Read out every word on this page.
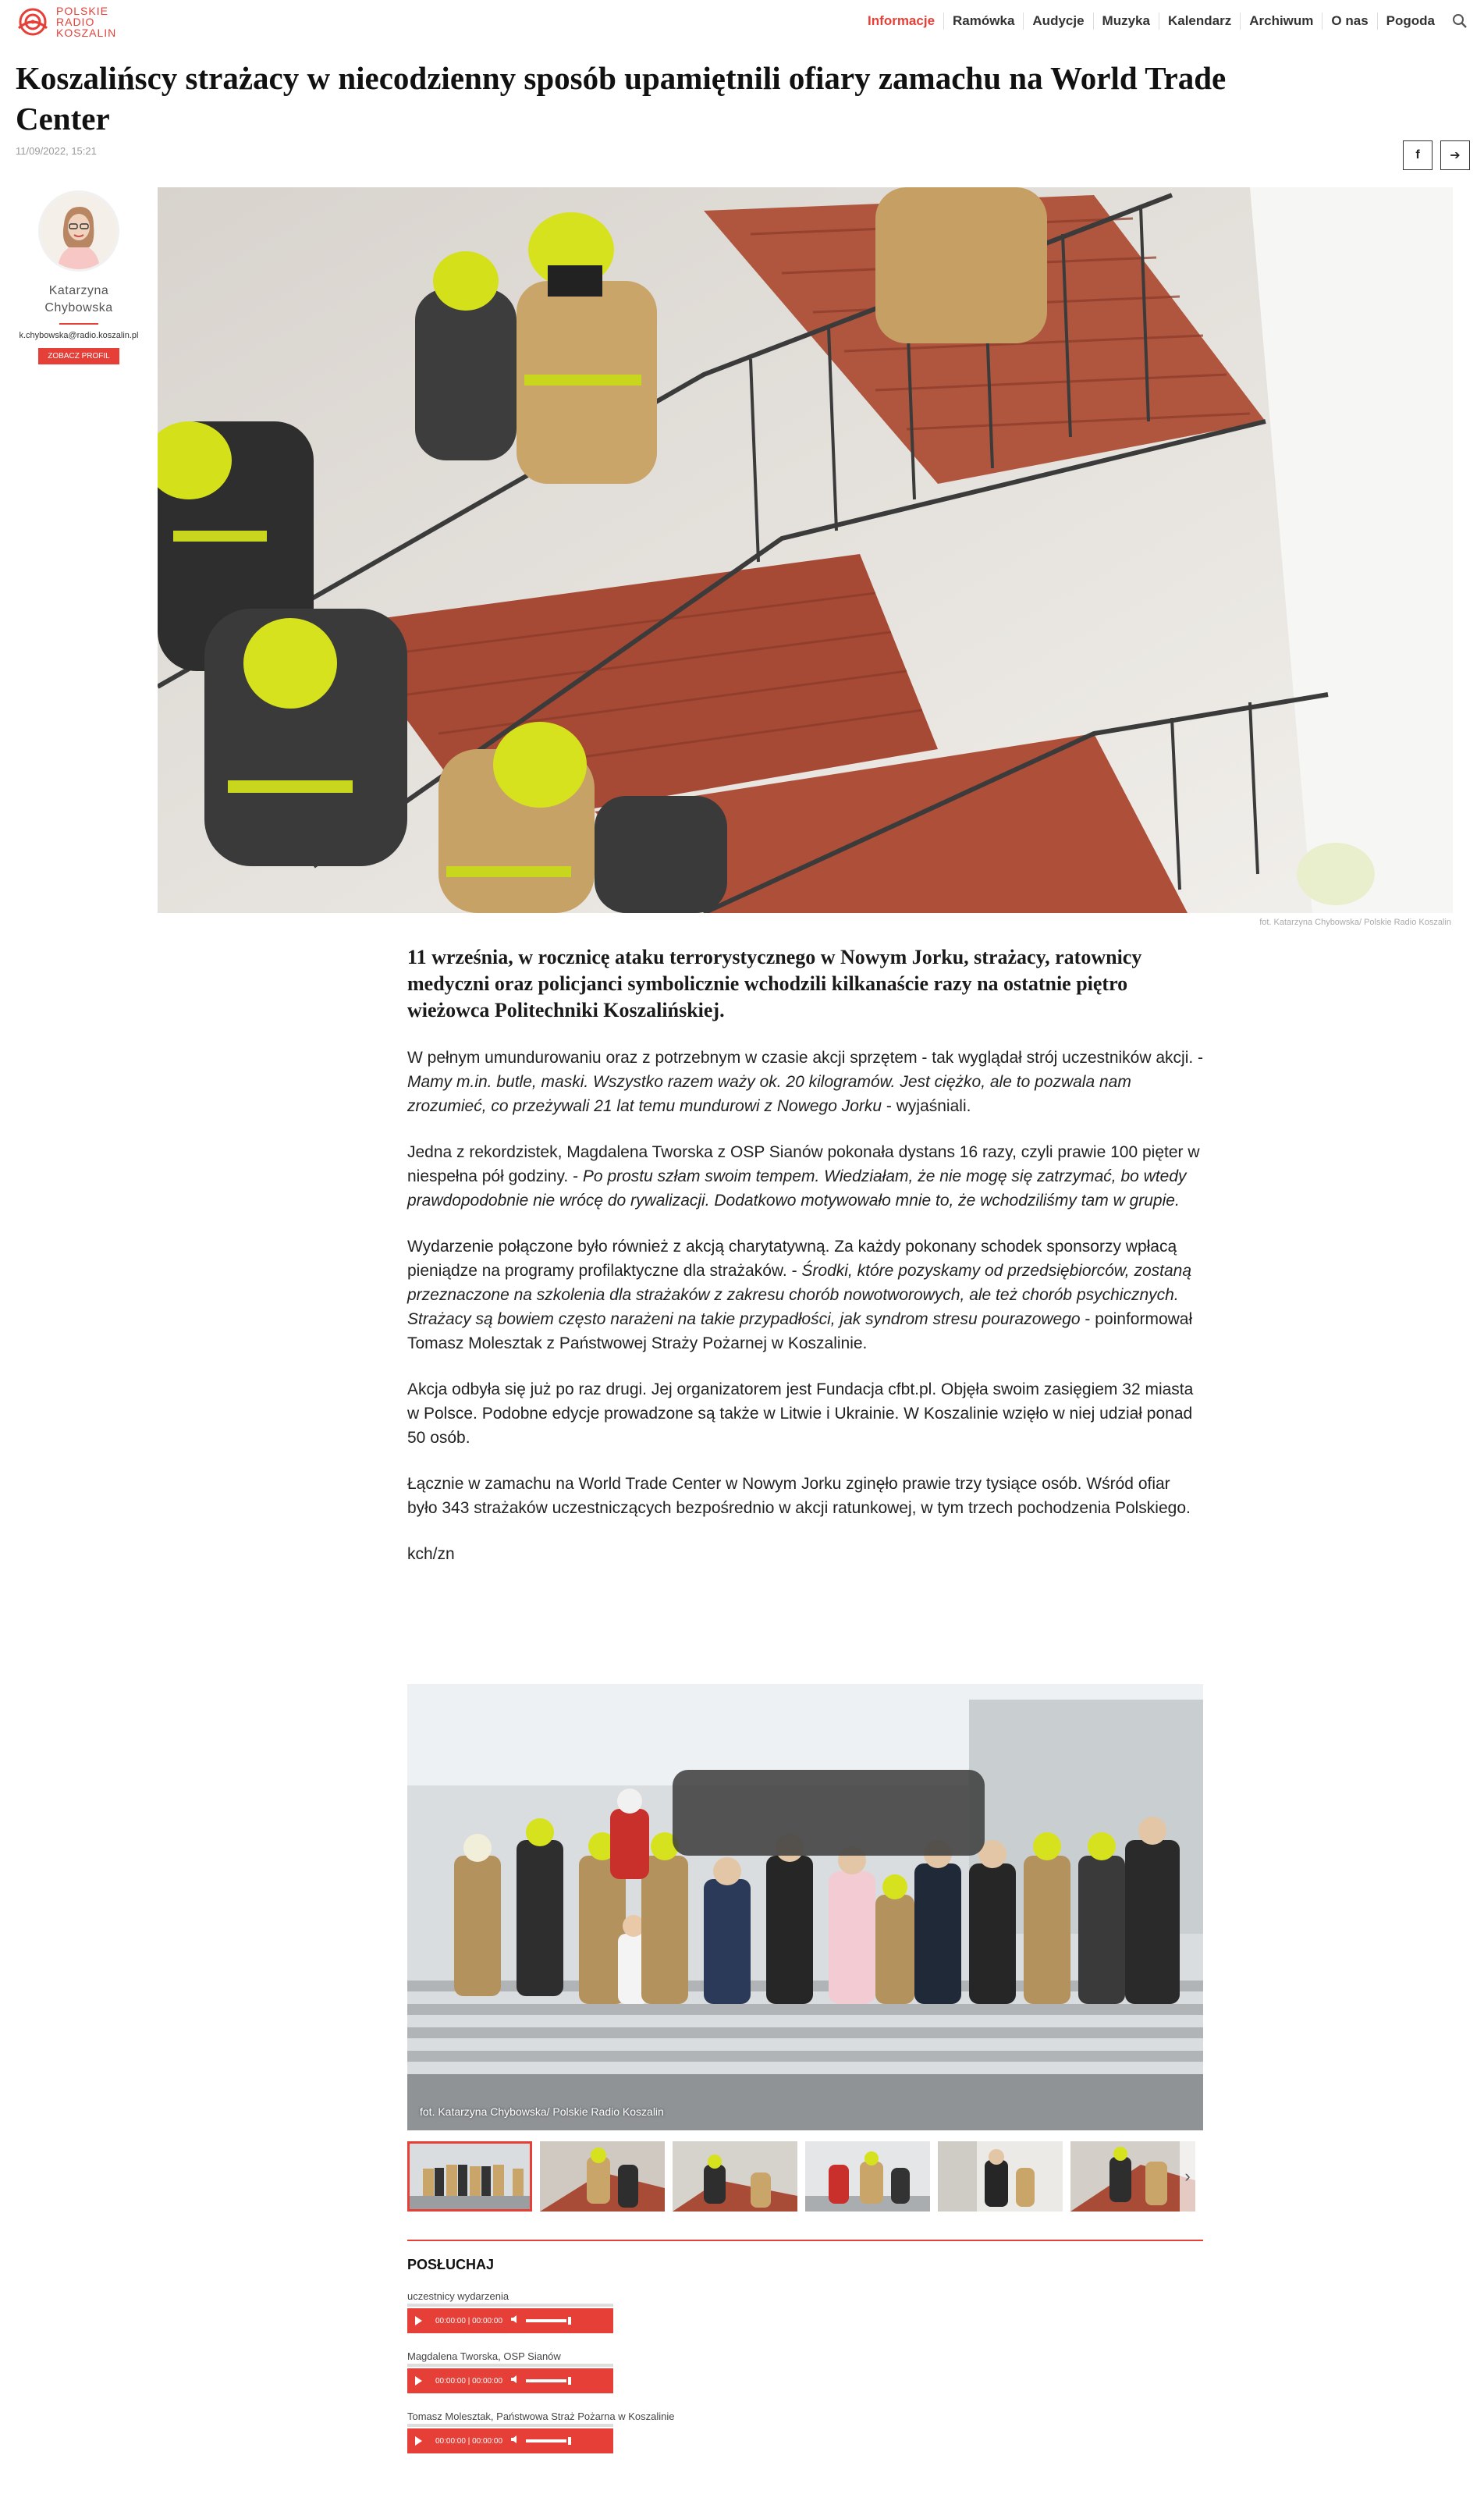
POLSKIE
RADIO
KOSZALIN
Informacje	Ramówka	Audycje	Muzyka	Kalendarz	Archiwum	O nas	Pogoda
Koszalińscy strażacy w niecodzienny sposób upamiętnili ofiary zamachu na World Trade Center
11/09/2022, 15:21	f	➔
Katarzyna
Chybowska
k.chybowska@radio.koszalin.pl
ZOBACZ PROFIL
fot. Katarzyna Chybowska/ Polskie Radio Koszalin

11 września, w rocznicę ataku terrorystycznego w Nowym Jorku, strażacy, ratownicy medyczni oraz policjanci symbolicznie wchodzili kilkanaście razy na ostatnie piętro wieżowca Politechniki Koszalińskiej.

W pełnym umundurowaniu oraz z potrzebnym w czasie akcji sprzętem - tak wyglądał strój uczestników akcji. - Mamy m.in. butle, maski. Wszystko razem waży ok. 20 kilogramów. Jest ciężko, ale to pozwala nam zrozumieć, co przeżywali 21 lat temu mundurowi z Nowego Jorku - wyjaśniali.

Jedna z rekordzistek, Magdalena Tworska z OSP Sianów pokonała dystans 16 razy, czyli prawie 100 pięter w niespełna pół godziny. - Po prostu szłam swoim tempem. Wiedziałam, że nie mogę się zatrzymać, bo wtedy prawdopodobnie nie wrócę do rywalizacji. Dodatkowo motywowało mnie to, że wchodziliśmy tam w grupie.

Wydarzenie połączone było również z akcją charytatywną. Za każdy pokonany schodek sponsorzy wpłacą pieniądze na programy profilaktyczne dla strażaków. - Środki, które pozyskamy od przedsiębiorców, zostaną przeznaczone na szkolenia dla strażaków z zakresu chorób nowotworowych, ale też chorób psychicznych. Strażacy są bowiem często narażeni na takie przypadłości, jak syndrom stresu pourazowego - poinformował Tomasz Molesztak z Państwowej Straży Pożarnej w Koszalinie.

Akcja odbyła się już po raz drugi. Jej organizatorem jest Fundacja cfbt.pl. Objęła swoim zasięgiem 32 miasta w Polsce. Podobne edycje prowadzone są także w Litwie i Ukrainie. W Koszalinie wzięło w niej udział ponad 50 osób.

Łącznie w zamachu na World Trade Center w Nowym Jorku zginęło prawie trzy tysiące osób. Wśród ofiar było 343 strażaków uczestniczących bezpośrednio w akcji ratunkowej, w tym trzech pochodzenia Polskiego.

kch/zn

fot. Katarzyna Chybowska/ Polskie Radio Koszalin
›
POSŁUCHAJ
uczestnicy wydarzenia
00:00:00 | 00:00:00
Magdalena Tworska, OSP Sianów
00:00:00 | 00:00:00
Tomasz Molesztak, Państwowa Straż Pożarna w Koszalinie
00:00:00 | 00:00:00
